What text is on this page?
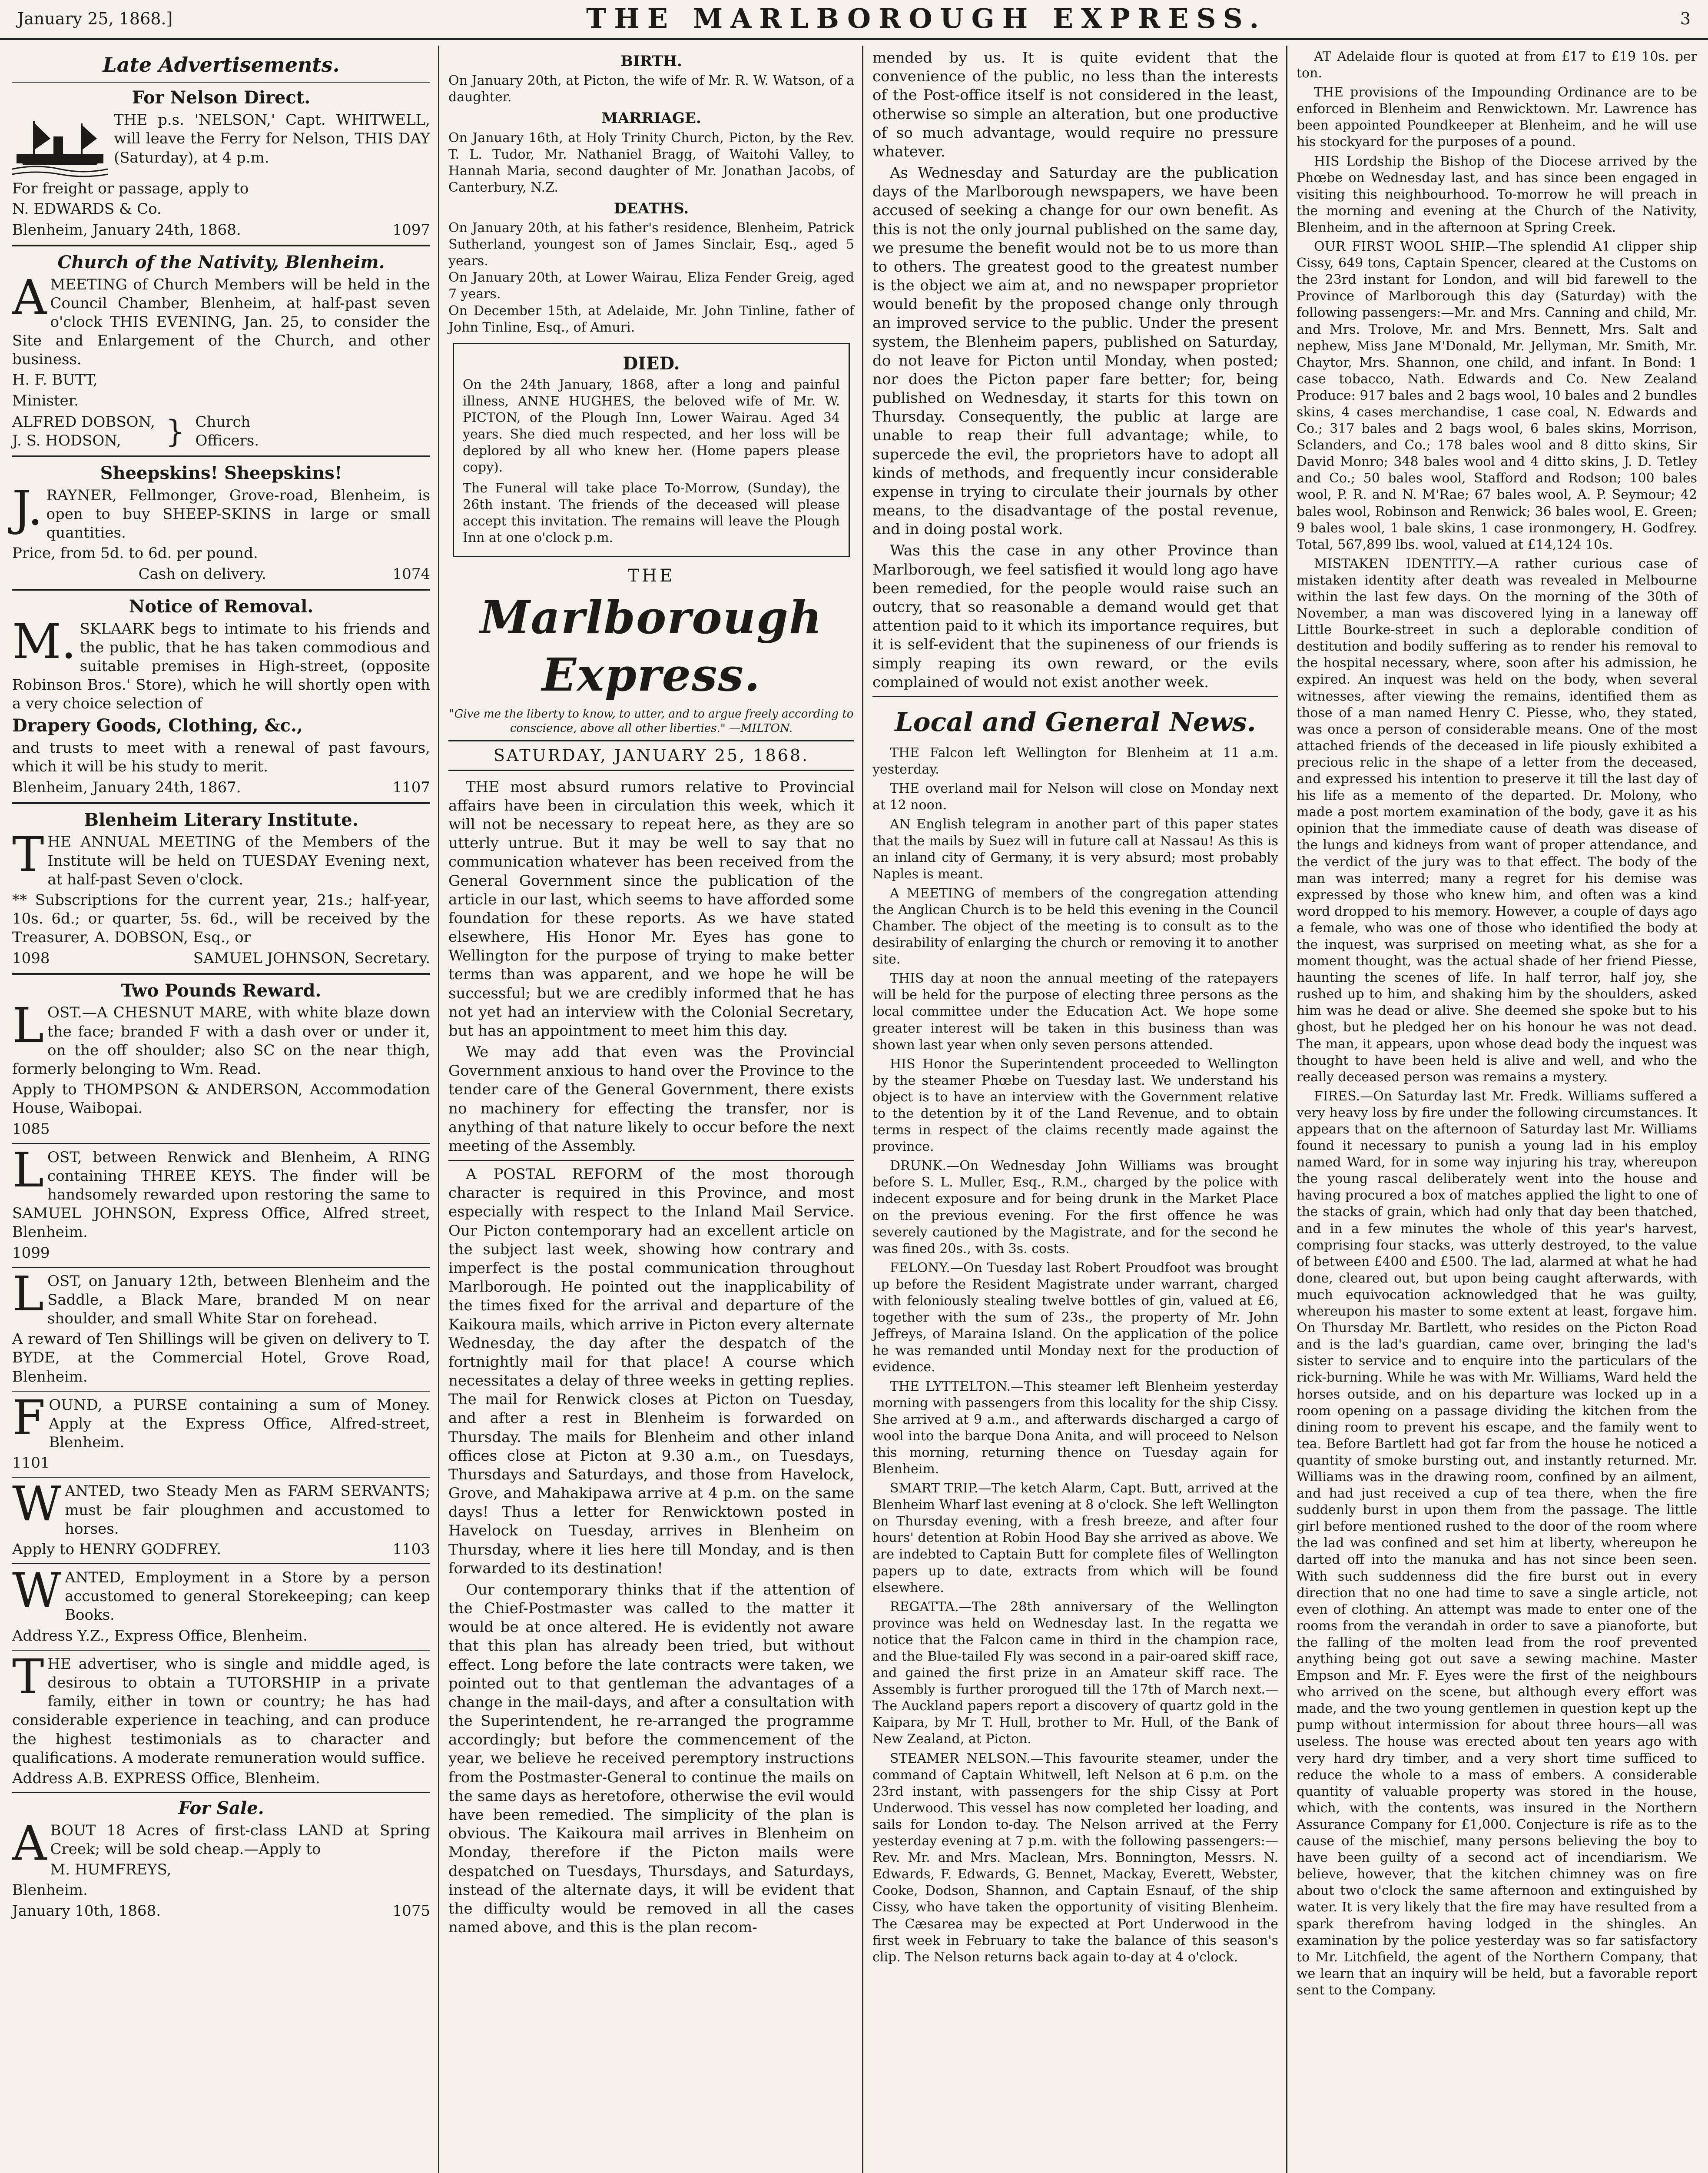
January 25, 1868.]	THE MARLBOROUGH EXPRESS.	3
Late Advertisements.
For Nelson Direct.

THE p.s. 'NELSON,' Capt. WHITWELL, will leave the Ferry for Nelson, THIS DAY (Saturday), at 4 p.m.

For freight or passage, apply to

N. EDWARDS & Co.

Blenheim, January 24th, 1868.	1097

Church of the Nativity, Blenheim.

AMEETING of Church Members will be held in the Council Chamber, Blenheim, at half-past seven o'clock THIS EVENING, Jan. 25, to consider the Site and Enlargement of the Church, and other business.

H. F. BUTT,

Minister.

ALFRED DOBSON,
J. S. HODSON,	} Church Officers.
Sheepskins! Sheepskins!

J.RAYNER, Fellmonger, Grove-road, Blenheim, is open to buy SHEEP-SKINS in large or small quantities.

Price, from 5d. to 6d. per pound.

Cash on delivery.	1074

Notice of Removal.

M.SKLAARK begs to intimate to his friends and the public, that he has taken commodious and suitable premises in High-street, (opposite Robinson Bros.' Store), which he will shortly open with a very choice selection of

Drapery Goods, Clothing, &c.,

and trusts to meet with a renewal of past favours, which it will be his study to merit.

Blenheim, January 24th, 1867.	1107

Blenheim Literary Institute.

THE ANNUAL MEETING of the Members of the Institute will be held on TUESDAY Evening next, at half-past Seven o'clock.

** Subscriptions for the current year, 21s.; half-year, 10s. 6d.; or quarter, 5s. 6d., will be received by the Treasurer, A. DOBSON, Esq., or

1098	SAMUEL JOHNSON, Secretary.

Two Pounds Reward.

LOST.—A CHESNUT MARE, with white blaze down the face; branded F with a dash over or under it, on the off shoulder; also SC on the near thigh, formerly belonging to Wm. Read.

Apply to THOMPSON & ANDERSON, Accommodation House, Waibopai.

1085

LOST, between Renwick and Blenheim, A RING containing THREE KEYS. The finder will be handsomely rewarded upon restoring the same to SAMUEL JOHNSON, Express Office, Alfred street, Blenheim.

1099

LOST, on January 12th, between Blenheim and the Saddle, a Black Mare, branded M on near shoulder, and small White Star on forehead.

A reward of Ten Shillings will be given on delivery to T. BYDE, at the Commercial Hotel, Grove Road, Blenheim.

FOUND, a PURSE containing a sum of Money. Apply at the Express Office, Alfred-street, Blenheim.

1101

WANTED, two Steady Men as FARM SERVANTS; must be fair ploughmen and accustomed to horses.

Apply to HENRY GODFREY.	1103

WANTED, Employment in a Store by a person accustomed to general Storekeeping; can keep Books.

Address Y.Z., Express Office, Blenheim.

THE advertiser, who is single and middle aged, is desirous to obtain a TUTORSHIP in a private family, either in town or country; he has had considerable experience in teaching, and can produce the highest testimonials as to character and qualifications. A moderate remuneration would suffice.

Address A.B. EXPRESS Office, Blenheim.

For Sale.

ABOUT 18 Acres of first-class LAND at Spring Creek; will be sold cheap.—Apply to

M. HUMFREYS,

Blenheim.

January 10th, 1868.	1075

BIRTH.

On January 20th, at Picton, the wife of Mr. R. W. Watson, of a daughter.

MARRIAGE.

On January 16th, at Holy Trinity Church, Picton, by the Rev. T. L. Tudor, Mr. Nathaniel Bragg, of Waitohi Valley, to Hannah Maria, second daughter of Mr. Jonathan Jacobs, of Canterbury, N.Z.

DEATHS.

On January 20th, at his father's residence, Blenheim, Patrick Sutherland, youngest son of James Sinclair, Esq., aged 5 years.

On January 20th, at Lower Wairau, Eliza Fender Greig, aged 7 years.

On December 15th, at Adelaide, Mr. John Tinline, father of John Tinline, Esq., of Amuri.

DIED.

On the 24th January, 1868, after a long and painful illness, ANNE HUGHES, the beloved wife of Mr. W. PICTON, of the Plough Inn, Lower Wairau. Aged 34 years. She died much respected, and her loss will be deplored by all who knew her. (Home papers please copy).

The Funeral will take place To-Morrow, (Sunday), the 26th instant. The friends of the deceased will please accept this invitation. The remains will leave the Plough Inn at one o'clock p.m.

THE
Marlborough Express.
"Give me the liberty to know, to utter, and to argue freely according to conscience, above all other liberties." —MILTON.
SATURDAY, JANUARY 25, 1868.

THE most absurd rumors relative to Provincial affairs have been in circulation this week, which it will not be necessary to repeat here, as they are so utterly untrue. But it may be well to say that no communication whatever has been received from the General Government since the publication of the article in our last, which seems to have afforded some foundation for these reports. As we have stated elsewhere, His Honor Mr. Eyes has gone to Wellington for the purpose of trying to make better terms than was apparent, and we hope he will be successful; but we are credibly informed that he has not yet had an interview with the Colonial Secretary, but has an appointment to meet him this day.

We may add that even was the Provincial Government anxious to hand over the Province to the tender care of the General Government, there exists no machinery for effecting the transfer, nor is anything of that nature likely to occur before the next meeting of the Assembly.

A POSTAL REFORM of the most thorough character is required in this Province, and most especially with respect to the Inland Mail Service. Our Picton contemporary had an excellent article on the subject last week, showing how contrary and imperfect is the postal communication throughout Marlborough. He pointed out the inapplicability of the times fixed for the arrival and departure of the Kaikoura mails, which arrive in Picton every alternate Wednesday, the day after the despatch of the fortnightly mail for that place! A course which necessitates a delay of three weeks in getting replies. The mail for Renwick closes at Picton on Tuesday, and after a rest in Blenheim is forwarded on Thursday. The mails for Blenheim and other inland offices close at Picton at 9.30 a.m., on Tuesdays, Thursdays and Saturdays, and those from Havelock, Grove, and Mahakipawa arrive at 4 p.m. on the same days! Thus a letter for Renwicktown posted in Havelock on Tuesday, arrives in Blenheim on Thursday, where it lies here till Monday, and is then forwarded to its destination!

Our contemporary thinks that if the attention of the Chief-Postmaster was called to the matter it would be at once altered. He is evidently not aware that this plan has already been tried, but without effect. Long before the late contracts were taken, we pointed out to that gentleman the advantages of a change in the mail-days, and after a consultation with the Superintendent, he re-arranged the programme accordingly; but before the commencement of the year, we believe he received peremptory instructions from the Postmaster-General to continue the mails on the same days as heretofore, otherwise the evil would have been remedied. The simplicity of the plan is obvious. The Kaikoura mail arrives in Blenheim on Monday, therefore if the Picton mails were despatched on Tuesdays, Thursdays, and Saturdays, instead of the alternate days, it will be evident that the difficulty would be removed in all the cases named above, and this is the plan recom-

mended by us. It is quite evident that the convenience of the public, no less than the interests of the Post-office itself is not considered in the least, otherwise so simple an alteration, but one productive of so much advantage, would require no pressure whatever.

As Wednesday and Saturday are the publication days of the Marlborough newspapers, we have been accused of seeking a change for our own benefit. As this is not the only journal published on the same day, we presume the benefit would not be to us more than to others. The greatest good to the greatest number is the object we aim at, and no newspaper proprietor would benefit by the proposed change only through an improved service to the public. Under the present system, the Blenheim papers, published on Saturday, do not leave for Picton until Monday, when posted; nor does the Picton paper fare better; for, being published on Wednesday, it starts for this town on Thursday. Consequently, the public at large are unable to reap their full advantage; while, to supercede the evil, the proprietors have to adopt all kinds of methods, and frequently incur considerable expense in trying to circulate their journals by other means, to the disadvantage of the postal revenue, and in doing postal work.

Was this the case in any other Province than Marlborough, we feel satisfied it would long ago have been remedied, for the people would raise such an outcry, that so reasonable a demand would get that attention paid to it which its importance requires, but it is self-evident that the supineness of our friends is simply reaping its own reward, or the evils complained of would not exist another week.

Local and General News.

THE Falcon left Wellington for Blenheim at 11 a.m. yesterday.

THE overland mail for Nelson will close on Monday next at 12 noon.

AN English telegram in another part of this paper states that the mails by Suez will in future call at Nassau! As this is an inland city of Germany, it is very absurd; most probably Naples is meant.

A MEETING of members of the congregation attending the Anglican Church is to be held this evening in the Council Chamber. The object of the meeting is to consult as to the desirability of enlarging the church or removing it to another site.

THIS day at noon the annual meeting of the ratepayers will be held for the purpose of electing three persons as the local committee under the Education Act. We hope some greater interest will be taken in this business than was shown last year when only seven persons attended.

HIS Honor the Superintendent proceeded to Wellington by the steamer Phœbe on Tuesday last. We understand his object is to have an interview with the Government relative to the detention by it of the Land Revenue, and to obtain terms in respect of the claims recently made against the province.

DRUNK.—On Wednesday John Williams was brought before S. L. Muller, Esq., R.M., charged by the police with indecent exposure and for being drunk in the Market Place on the previous evening. For the first offence he was severely cautioned by the Magistrate, and for the second he was fined 20s., with 3s. costs.

FELONY.—On Tuesday last Robert Proudfoot was brought up before the Resident Magistrate under warrant, charged with feloniously stealing twelve bottles of gin, valued at £6, together with the sum of 23s., the property of Mr. John Jeffreys, of Maraina Island. On the application of the police he was remanded until Monday next for the production of evidence.

THE LYTTELTON.—This steamer left Blenheim yesterday morning with passengers from this locality for the ship Cissy. She arrived at 9 a.m., and afterwards discharged a cargo of wool into the barque Dona Anita, and will proceed to Nelson this morning, returning thence on Tuesday again for Blenheim.

SMART TRIP.—The ketch Alarm, Capt. Butt, arrived at the Blenheim Wharf last evening at 8 o'clock. She left Wellington on Thursday evening, with a fresh breeze, and after four hours' detention at Robin Hood Bay she arrived as above. We are indebted to Captain Butt for complete files of Wellington papers up to date, extracts from which will be found elsewhere.

REGATTA.—The 28th anniversary of the Wellington province was held on Wednesday last. In the regatta we notice that the Falcon came in third in the champion race, and the Blue-tailed Fly was second in a pair-oared skiff race, and gained the first prize in an Amateur skiff race. The Assembly is further prorogued till the 17th of March next.—The Auckland papers report a discovery of quartz gold in the Kaipara, by Mr T. Hull, brother to Mr. Hull, of the Bank of New Zealand, at Picton.

STEAMER NELSON.—This favourite steamer, under the command of Captain Whitwell, left Nelson at 6 p.m. on the 23rd instant, with passengers for the ship Cissy at Port Underwood. This vessel has now completed her loading, and sails for London to-day. The Nelson arrived at the Ferry yesterday evening at 7 p.m. with the following passengers:—Rev. Mr. and Mrs. Maclean, Mrs. Bonnington, Messrs. N. Edwards, F. Edwards, G. Bennet, Mackay, Everett, Webster, Cooke, Dodson, Shannon, and Captain Esnauf, of the ship Cissy, who have taken the opportunity of visiting Blenheim. The Cæsarea may be expected at Port Underwood in the first week in February to take the balance of this season's clip. The Nelson returns back again to-day at 4 o'clock.

AT Adelaide flour is quoted at from £17 to £19 10s. per ton.

THE provisions of the Impounding Ordinance are to be enforced in Blenheim and Renwicktown. Mr. Lawrence has been appointed Poundkeeper at Blenheim, and he will use his stockyard for the purposes of a pound.

HIS Lordship the Bishop of the Diocese arrived by the Phœbe on Wednesday last, and has since been engaged in visiting this neighbourhood. To-morrow he will preach in the morning and evening at the Church of the Nativity, Blenheim, and in the afternoon at Spring Creek.

OUR FIRST WOOL SHIP.—The splendid A1 clipper ship Cissy, 649 tons, Captain Spencer, cleared at the Customs on the 23rd instant for London, and will bid farewell to the Province of Marlborough this day (Saturday) with the following passengers:—Mr. and Mrs. Canning and child, Mr. and Mrs. Trolove, Mr. and Mrs. Bennett, Mrs. Salt and nephew, Miss Jane M'Donald, Mr. Jellyman, Mr. Smith, Mr. Chaytor, Mrs. Shannon, one child, and infant. In Bond: 1 case tobacco, Nath. Edwards and Co. New Zealand Produce: 917 bales and 2 bags wool, 10 bales and 2 bundles skins, 4 cases merchandise, 1 case coal, N. Edwards and Co.; 317 bales and 2 bags wool, 6 bales skins, Morrison, Sclanders, and Co.; 178 bales wool and 8 ditto skins, Sir David Monro; 348 bales wool and 4 ditto skins, J. D. Tetley and Co.; 50 bales wool, Stafford and Rodson; 100 bales wool, P. R. and N. M'Rae; 67 bales wool, A. P. Seymour; 42 bales wool, Robinson and Renwick; 36 bales wool, E. Green; 9 bales wool, 1 bale skins, 1 case ironmongery, H. Godfrey. Total, 567,899 lbs. wool, valued at £14,124 10s.

MISTAKEN IDENTITY.—A rather curious case of mistaken identity after death was revealed in Melbourne within the last few days. On the morning of the 30th of November, a man was discovered lying in a laneway off Little Bourke-street in such a deplorable condition of destitution and bodily suffering as to render his removal to the hospital necessary, where, soon after his admission, he expired. An inquest was held on the body, when several witnesses, after viewing the remains, identified them as those of a man named Henry C. Piesse, who, they stated, was once a person of considerable means. One of the most attached friends of the deceased in life piously exhibited a precious relic in the shape of a letter from the deceased, and expressed his intention to preserve it till the last day of his life as a memento of the departed. Dr. Molony, who made a post mortem examination of the body, gave it as his opinion that the immediate cause of death was disease of the lungs and kidneys from want of proper attendance, and the verdict of the jury was to that effect. The body of the man was interred; many a regret for his demise was expressed by those who knew him, and often was a kind word dropped to his memory. However, a couple of days ago a female, who was one of those who identified the body at the inquest, was surprised on meeting what, as she for a moment thought, was the actual shade of her friend Piesse, haunting the scenes of life. In half terror, half joy, she rushed up to him, and shaking him by the shoulders, asked him was he dead or alive. She deemed she spoke but to his ghost, but he pledged her on his honour he was not dead. The man, it appears, upon whose dead body the inquest was thought to have been held is alive and well, and who the really deceased person was remains a mystery.

FIRES.—On Saturday last Mr. Fredk. Williams suffered a very heavy loss by fire under the following circumstances. It appears that on the afternoon of Saturday last Mr. Williams found it necessary to punish a young lad in his employ named Ward, for in some way injuring his tray, whereupon the young rascal deliberately went into the house and having procured a box of matches applied the light to one of the stacks of grain, which had only that day been thatched, and in a few minutes the whole of this year's harvest, comprising four stacks, was utterly destroyed, to the value of between £400 and £500. The lad, alarmed at what he had done, cleared out, but upon being caught afterwards, with much equivocation acknowledged that he was guilty, whereupon his master to some extent at least, forgave him. On Thursday Mr. Bartlett, who resides on the Picton Road and is the lad's guardian, came over, bringing the lad's sister to service and to enquire into the particulars of the rick-burning. While he was with Mr. Williams, Ward held the horses outside, and on his departure was locked up in a room opening on a passage dividing the kitchen from the dining room to prevent his escape, and the family went to tea. Before Bartlett had got far from the house he noticed a quantity of smoke bursting out, and instantly returned. Mr. Williams was in the drawing room, confined by an ailment, and had just received a cup of tea there, when the fire suddenly burst in upon them from the passage. The little girl before mentioned rushed to the door of the room where the lad was confined and set him at liberty, whereupon he darted off into the manuka and has not since been seen. With such suddenness did the fire burst out in every direction that no one had time to save a single article, not even of clothing. An attempt was made to enter one of the rooms from the verandah in order to save a pianoforte, but the falling of the molten lead from the roof prevented anything being got out save a sewing machine. Master Empson and Mr. F. Eyes were the first of the neighbours who arrived on the scene, but although every effort was made, and the two young gentlemen in question kept up the pump without intermission for about three hours—all was useless. The house was erected about ten years ago with very hard dry timber, and a very short time sufficed to reduce the whole to a mass of embers. A considerable quantity of valuable property was stored in the house, which, with the contents, was insured in the Northern Assurance Company for £1,000. Conjecture is rife as to the cause of the mischief, many persons believing the boy to have been guilty of a second act of incendiarism. We believe, however, that the kitchen chimney was on fire about two o'clock the same afternoon and extinguished by water. It is very likely that the fire may have resulted from a spark therefrom having lodged in the shingles. An examination by the police yesterday was so far satisfactory to Mr. Litchfield, the agent of the Northern Company, that we learn that an inquiry will be held, but a favorable report sent to the Company.
